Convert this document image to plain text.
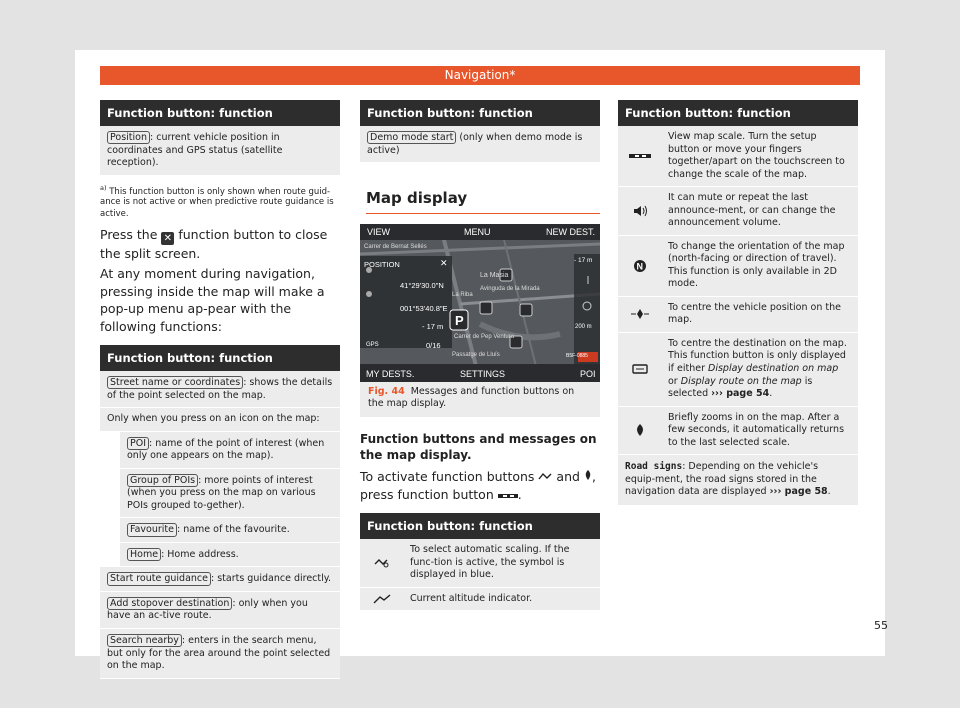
Navigation*
Function button: function
Position : current vehicle position in coordinates and GPS status (satellite reception).
$^{a)}$ This function button is only shown when route guid-ance is not active or when predictive route guidance is active.

Press the ✕ function button to close the split screen.

At any moment during navigation, pressing inside the map will make a pop-up menu ap-pear with the following functions:

Function button: function
Street name or coordinates : shows the details of the point selected on the map.
Only when you press on an icon on the map:
POI : name of the point of interest (when only one appears on the map).
Group of POIs : more points of interest (when you press on the map on various POIs grouped to-gether).
Favourite : name of the favourite.
Home : Home address.
Start route guidance : starts guidance directly.
Add stopover destination : only when you have an ac-tive route.
Search nearby : enters in the search menu, but only for the area around the point selected on the map.
Function button: function
Demo mode start (only when demo mode is active)
Map display
P
VIEW	MENU	NEW DEST.
MY DESTS.	SETTINGS	POI
POSITION	✕
41°29'30.0"N
001°53'40.8"E
- 17 m
0/16
GPS
- 17 m
200 m
B5F-0885
Carrer de Bernat Sellés
La Riba
Avinguda de la Mirada
La Masia
Carrer de Pep Ventura
Passatge de Lluís
Fig. 44 Messages and function buttons on the map display.
Function buttons and messages on the map display.

To activate function buttons and , press function button .

Function button: function
To select automatic scaling. If the func-tion is active, the symbol is displayed in blue.
Current altitude indicator.
Function button: function
View map scale. Turn the setup button or move your fingers together/apart on the touchscreen to change the scale of the map.
It can mute or repeat the last announce-ment, or can change the announcement volume.
N
To change the orientation of the map (north-facing or direction of travel). This function is only available in 2D mode.
To centre the vehicle position on the map.
To centre the destination on the map. This function button is only displayed if either Display destination on map or Display route on the map is selected ››› page 54.
Briefly zooms in on the map. After a few seconds, it automatically returns to the last selected scale.
Road signs: Depending on the vehicle's equip-ment, the road signs stored in the navigation data are displayed ››› page 58.
55
